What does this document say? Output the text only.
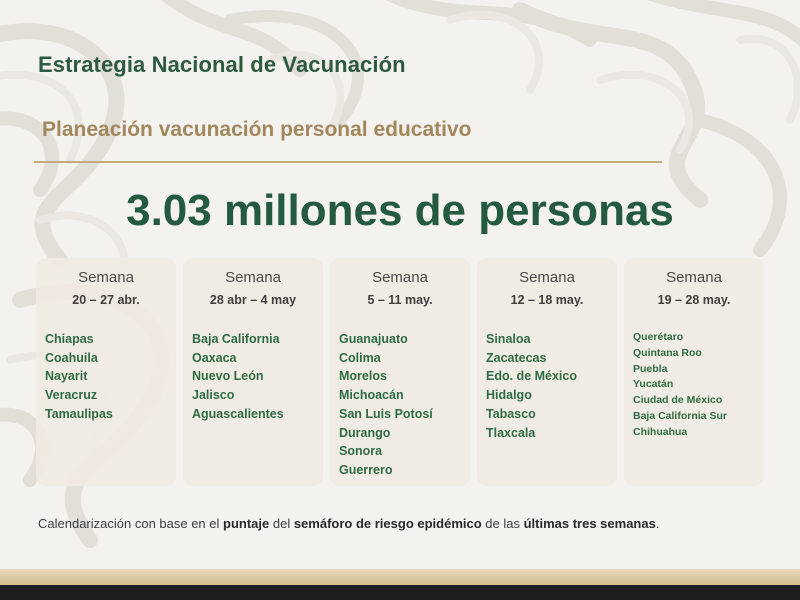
Estrategia Nacional de Vacunación
Planeación vacunación personal educativo
3.03 millones de personas
Semana
20 – 27 abr.
Chiapas
Coahuila
Nayarit
Veracruz
Tamaulipas
Semana
28 abr – 4 may
Baja California
Oaxaca
Nuevo León
Jalisco
Aguascalientes
Semana
5 – 11 may.
Guanajuato
Colima
Morelos
Michoacán
San Luis Potosí
Durango
Sonora
Guerrero
Semana
12 – 18 may.
Sinaloa
Zacatecas
Edo. de México
Hidalgo
Tabasco
Tlaxcala
Semana
19 – 28 may.
Querétaro
Quintana Roo
Puebla
Yucatán
Ciudad de México
Baja California Sur
Chihuahua

Calendarización con base en el puntaje del semáforo de riesgo epidémico de las últimas tres semanas.
